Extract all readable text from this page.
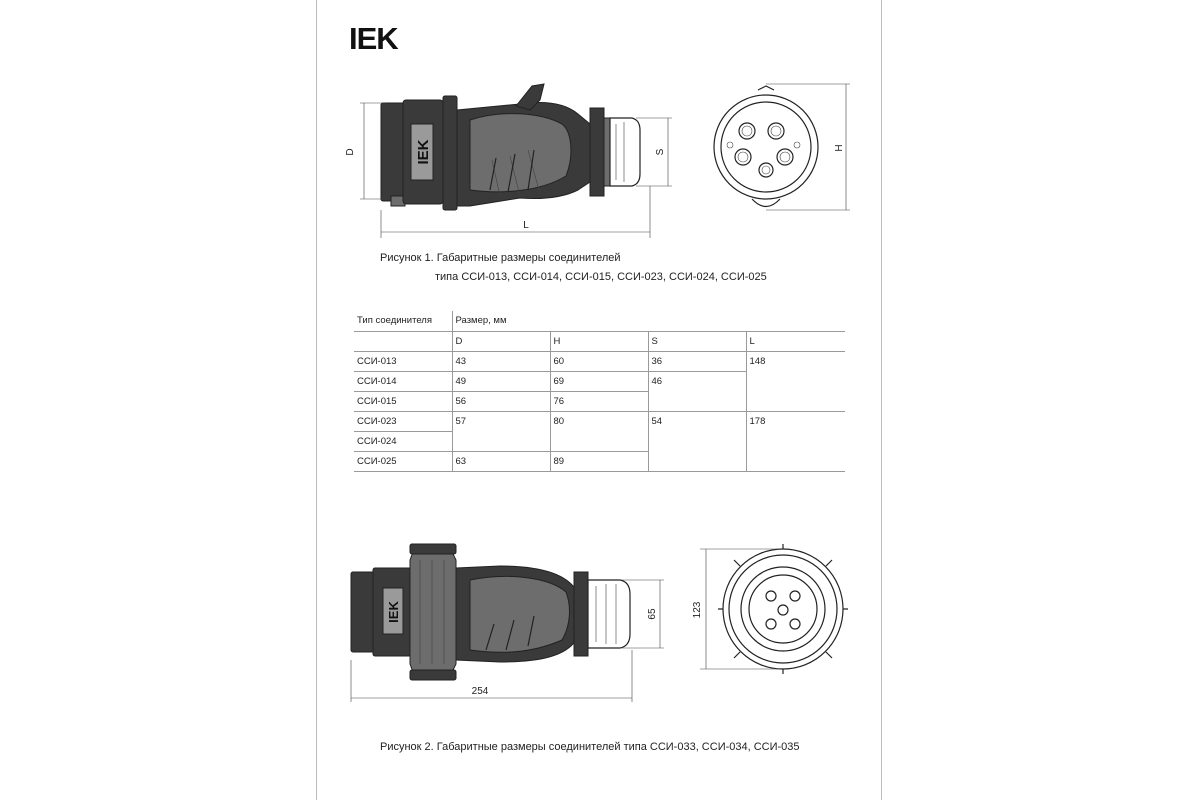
IEK
IEK
D
L
S
H
IEK
254
65	123
Рисунок 1. Габаритные размеры соединителей
типа ССИ-013, ССИ-014, ССИ-015, ССИ-023, ССИ-024, ССИ-025
Тип соединителя	Размер, мм			
	D	H	S	L
ССИ-013	43	60	36	148
ССИ-014	49	69	46	
ССИ-015	56	76		
ССИ-023	57	80	54	178
ССИ-024				
ССИ-025	63	89		
Рисунок 2. Габаритные размеры соединителей типа ССИ-033, ССИ-034, ССИ-035
